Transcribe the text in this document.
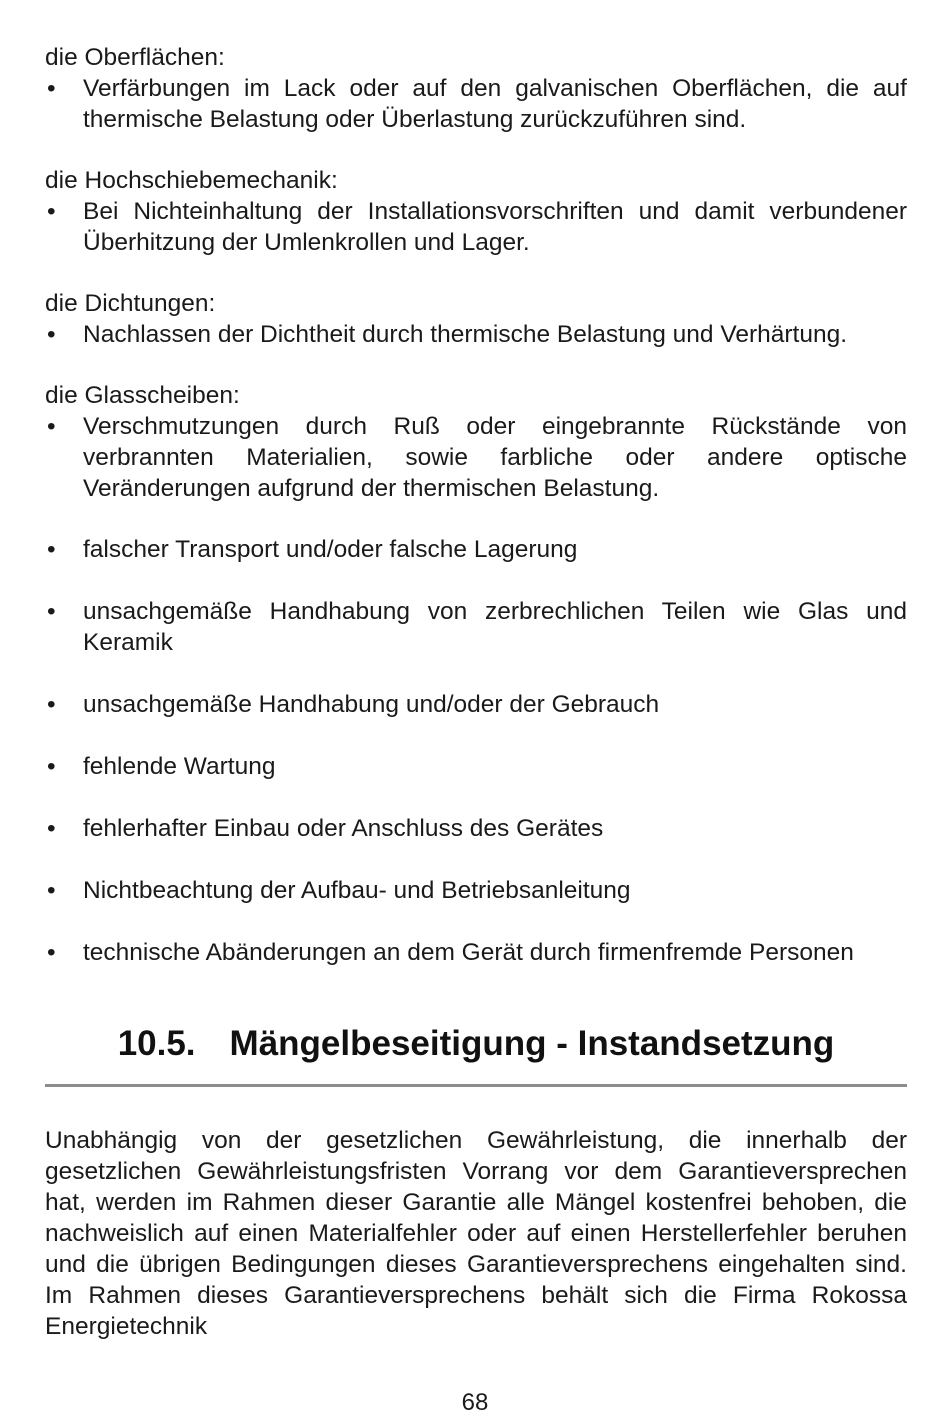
die Oberflächen:

• Verfärbungen im Lack oder auf den galvanischen Oberflächen, die auf thermische Belastung oder Überlastung zurückzuführen sind.

die Hochschiebemechanik:

• Bei Nichteinhaltung der Installationsvorschriften und damit verbundener Überhitzung der Umlenkrollen und Lager.

die Dichtungen:

• Nachlassen der Dichtheit durch thermische Belastung und Verhärtung.

die Glasscheiben:

• Verschmutzungen durch Ruß oder eingebrannte Rückstände von verbrannten Materialien, sowie farbliche oder andere optische Veränderungen aufgrund der thermischen Belastung.
• falscher Transport und/oder falsche Lagerung
• unsachgemäße Handhabung von zerbrechlichen Teilen wie Glas und Keramik
• unsachgemäße Handhabung und/oder der Gebrauch
• fehlende Wartung
• fehlerhafter Einbau oder Anschluss des Gerätes
• Nichtbeachtung der Aufbau- und Betriebsanleitung
• technische Abänderungen an dem Gerät durch firmenfremde Personen
10.5. Mängelbeseitigung - Instandsetzung

Unabhängig von der gesetzlichen Gewährleistung, die innerhalb der gesetzlichen Gewährleistungsfristen Vorrang vor dem Garantieversprechen hat, werden im Rahmen dieser Garantie alle Mängel kostenfrei behoben, die nachweislich auf einen Materialfehler oder auf einen Herstellerfehler beruhen und die übrigen Bedingungen dieses Garantieversprechens eingehalten sind. Im Rahmen dieses Garantieversprechens behält sich die Firma Rokossa Energietechnik

68
